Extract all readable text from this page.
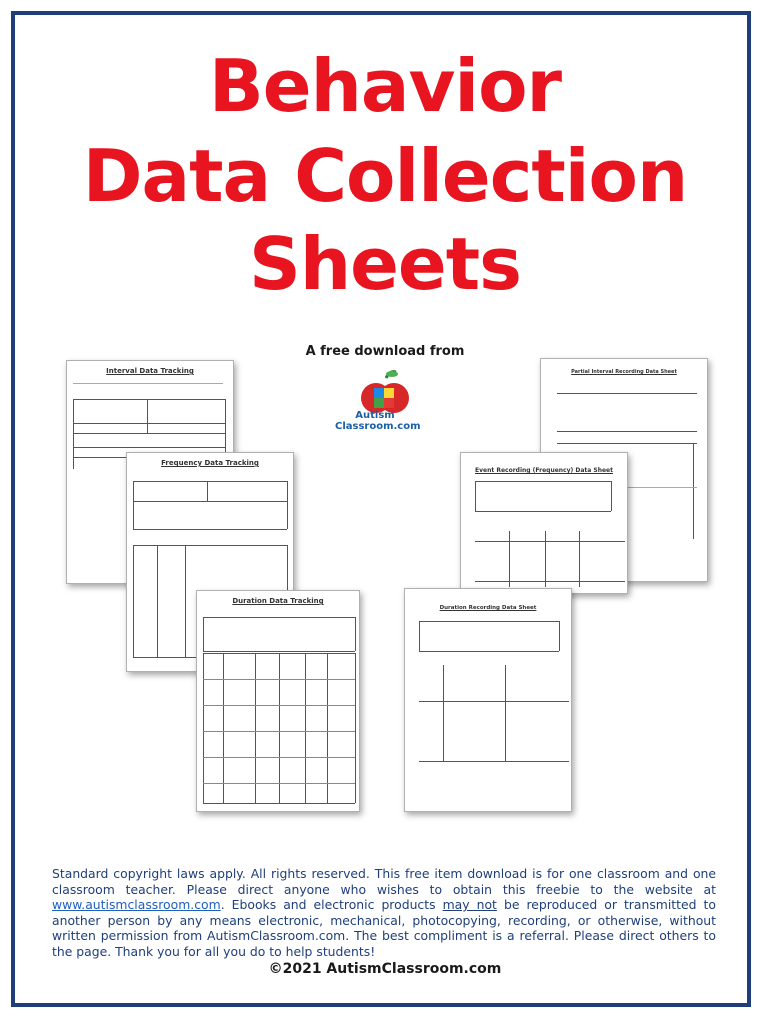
Behavior
Data Collection
Sheets
A free download from
Autism
Classroom.com
Interval Data Tracking
Frequency Data Tracking
Duration Data Tracking
Partial Interval Recording Data Sheet
Event Recording (Frequency) Data Sheet
Duration Recording Data Sheet
Standard copyright laws apply. All rights reserved. This free item download is for one classroom and one classroom teacher. Please direct anyone who wishes to obtain this freebie to the website at www.autismclassroom.com. Ebooks and electronic products may not be reproduced or transmitted to another person by any means electronic, mechanical, photocopying, recording, or otherwise, without written permission from AutismClassroom.com. The best compliment is a referral. Please direct others to the page. Thank you for all you do to help students!
©2021 AutismClassroom.com
